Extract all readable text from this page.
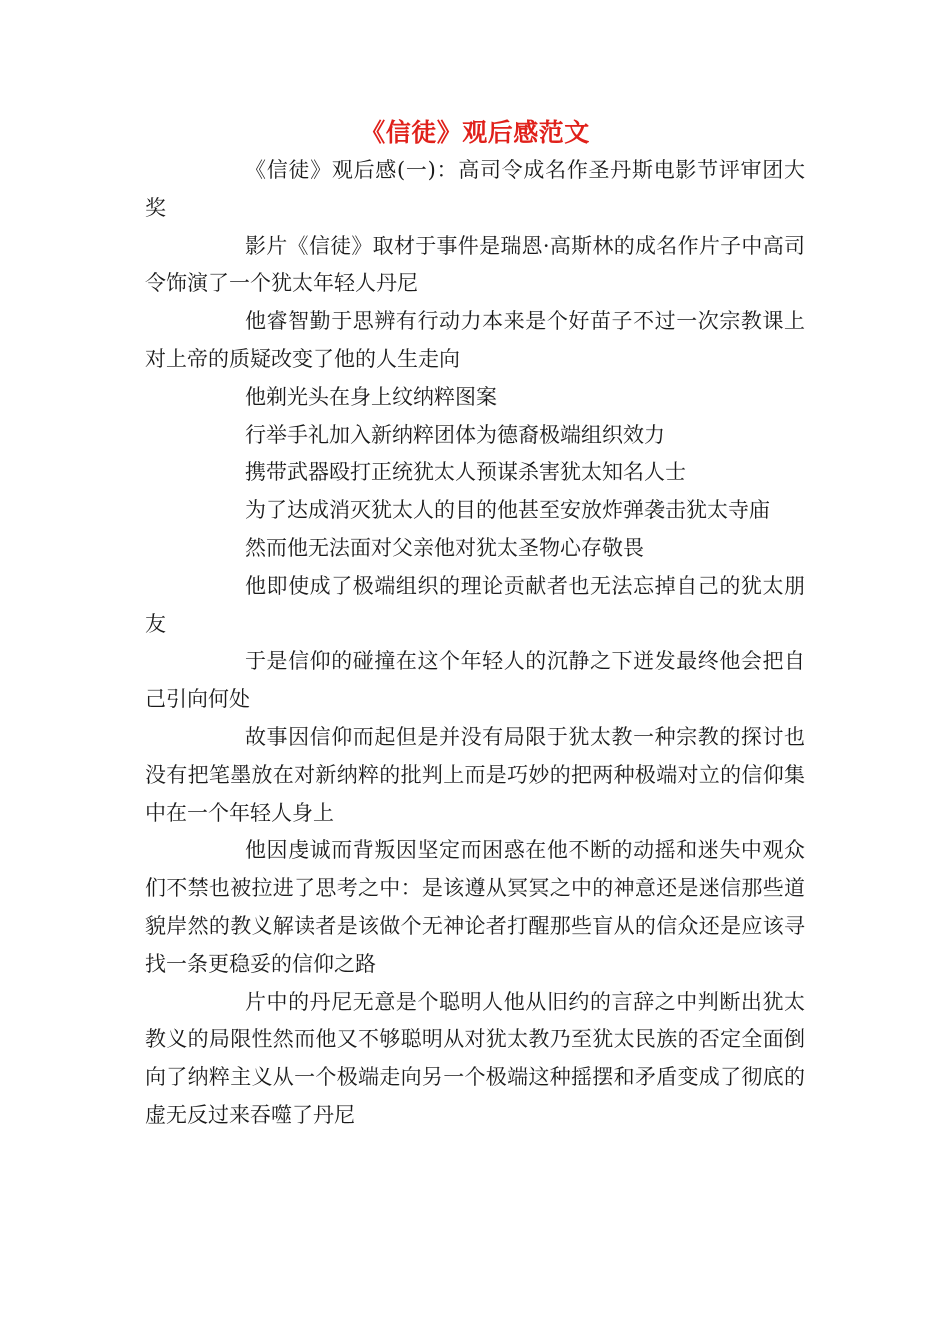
《信徒》观后感范文

《信徒》观后感(一)：高司令成名作圣丹斯电影节评审团大奖

影片《信徒》取材于事件是瑞恩·高斯林的成名作片子中高司令饰演了一个犹太年轻人丹尼

他睿智勤于思辨有行动力本来是个好苗子不过一次宗教课上对上帝的质疑改变了他的人生走向

他剃光头在身上纹纳粹图案

行举手礼加入新纳粹团体为德裔极端组织效力

携带武器殴打正统犹太人预谋杀害犹太知名人士

为了达成消灭犹太人的目的他甚至安放炸弹袭击犹太寺庙

然而他无法面对父亲他对犹太圣物心存敬畏

他即使成了极端组织的理论贡献者也无法忘掉自己的犹太朋友

于是信仰的碰撞在这个年轻人的沉静之下迸发最终他会把自己引向何处

故事因信仰而起但是并没有局限于犹太教一种宗教的探讨也没有把笔墨放在对新纳粹的批判上而是巧妙的把两种极端对立的信仰集中在一个年轻人身上

他因虔诚而背叛因坚定而困惑在他不断的动摇和迷失中观众们不禁也被拉进了思考之中：是该遵从冥冥之中的神意还是迷信那些道貌岸然的教义解读者是该做个无神论者打醒那些盲从的信众还是应该寻找一条更稳妥的信仰之路

片中的丹尼无意是个聪明人他从旧约的言辞之中判断出犹太教义的局限性然而他又不够聪明从对犹太教乃至犹太民族的否定全面倒向了纳粹主义从一个极端走向另一个极端这种摇摆和矛盾变成了彻底的虚无反过来吞噬了丹尼
